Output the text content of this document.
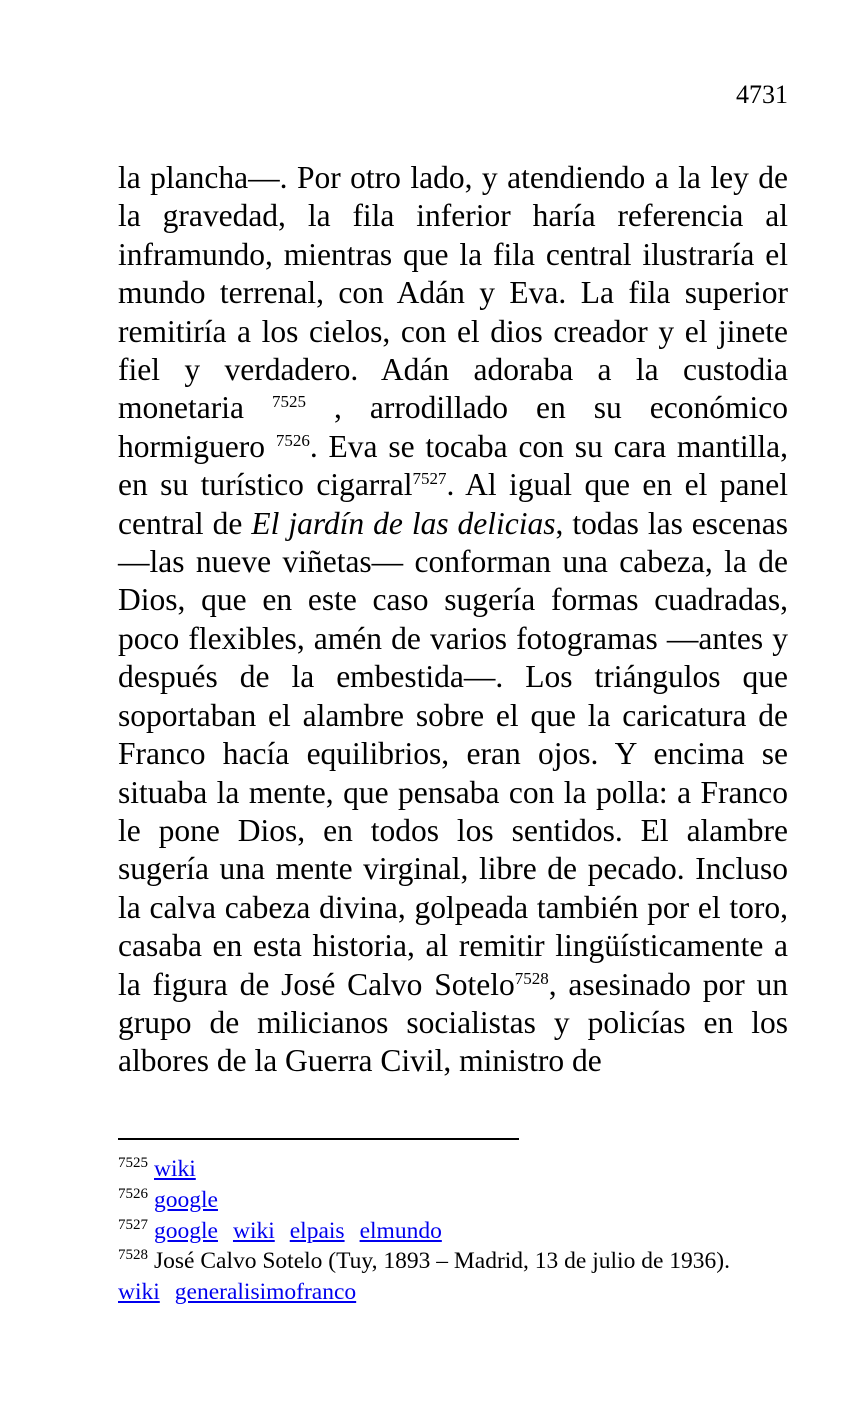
4731

la plancha―. Por otro lado, y atendiendo a la ley de la gravedad, la fila inferior haría referencia al inframundo, mientras que la fila central ilustraría el mundo terrenal, con Adán y Eva. La fila superior remitiría a los cielos, con el dios creador y el jinete fiel y verdadero. Adán adoraba a la custodia monetaria $^{7525}$ , arrodillado en su económico hormiguero $^{7526}$. Eva se tocaba con su cara mantilla, en su turístico cigarral$^{7527}$. Al igual que en el panel central de El jardín de las delicias, todas las escenas ―las nueve viñetas― conforman una cabeza, la de Dios, que en este caso sugería formas cuadradas, poco flexibles, amén de varios fotogramas ―antes y después de la embestida―. Los triángulos que soportaban el alambre sobre el que la caricatura de Franco hacía equilibrios, eran ojos. Y encima se situaba la mente, que pensaba con la polla: a Franco le pone Dios, en todos los sentidos. El alambre sugería una mente virginal, libre de pecado. Incluso la calva cabeza divina, golpeada también por el toro, casaba en esta historia, al remitir lingüísticamente a la figura de José Calvo Sotelo$^{7528}$, asesinado por un grupo de milicianos socialistas y policías en los albores de la Guerra Civil, ministro de

$^{7525}$ wiki
$^{7526}$ google
$^{7527}$ google wiki elpais elmundo
$^{7528}$ José Calvo Sotelo (Tuy, 1893 – Madrid, 13 de julio de 1936).
wiki generalisimofranco
